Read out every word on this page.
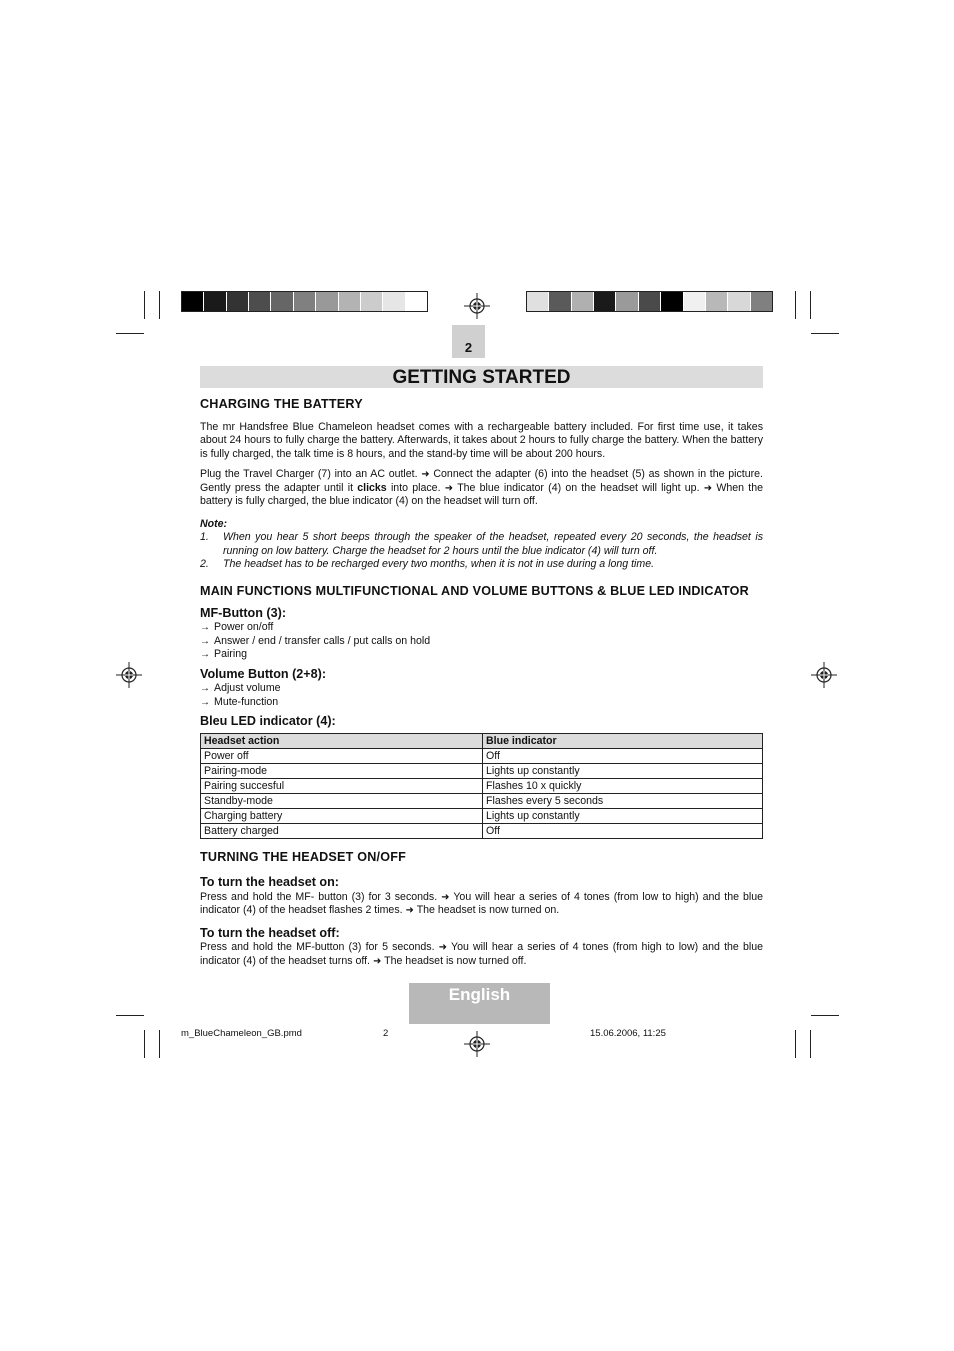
2
GETTING STARTED
CHARGING THE BATTERY

The mr Handsfree Blue Chameleon headset comes with a rechargeable battery included. For first time use, it takes about 24 hours to fully charge the battery. Afterwards, it takes about 2 hours to fully charge the battery. When the battery is fully charged, the talk time is 8 hours, and the stand-by time will be about 200 hours.

Plug the Travel Charger (7) into an AC outlet. ➜ Connect the adapter (6) into the headset (5) as shown in the picture. Gently press the adapter until it clicks into place. ➜ The blue indicator (4) on the headset will light up. ➜ When the battery is fully charged, the blue indicator (4) on the headset will turn off.

Note:
1.	When you hear 5 short beeps through the speaker of the headset, repeated every 20 seconds, the headset is running on low battery. Charge the headset for 2 hours until the blue indicator (4) will turn off.
2.	The headset has to be recharged every two months, when it is not in use during a long time.
MAIN FUNCTIONS MULTIFUNCTIONAL AND VOLUME BUTTONS & BLUE LED INDICATOR
MF-Button (3):
→ Power on/off
→ Answer / end / transfer calls / put calls on hold
→ Pairing
Volume Button (2+8):
→ Adjust volume
→ Mute-function
Bleu LED indicator (4):
Headset action	Blue indicator
Power off	Off
Pairing-mode	Lights up constantly
Pairing succesful	Flashes 10 x quickly
Standby-mode	Flashes every 5 seconds
Charging battery	Lights up constantly
Battery charged	Off
TURNING THE HEADSET ON/OFF
To turn the headset on:

Press and hold the MF- button (3) for 3 seconds. ➜ You will hear a series of 4 tones (from low to high) and the blue indicator (4) of the headset flashes 2 times. ➜ The headset is now turned on.

To turn the headset off:

Press and hold the MF-button (3) for 5 seconds. ➜ You will hear a series of 4 tones (from high to low) and the blue indicator (4) of the headset turns off. ➜ The headset is now turned off.

English
m_BlueChameleon_GB.pmd	2	15.06.2006, 11:25
